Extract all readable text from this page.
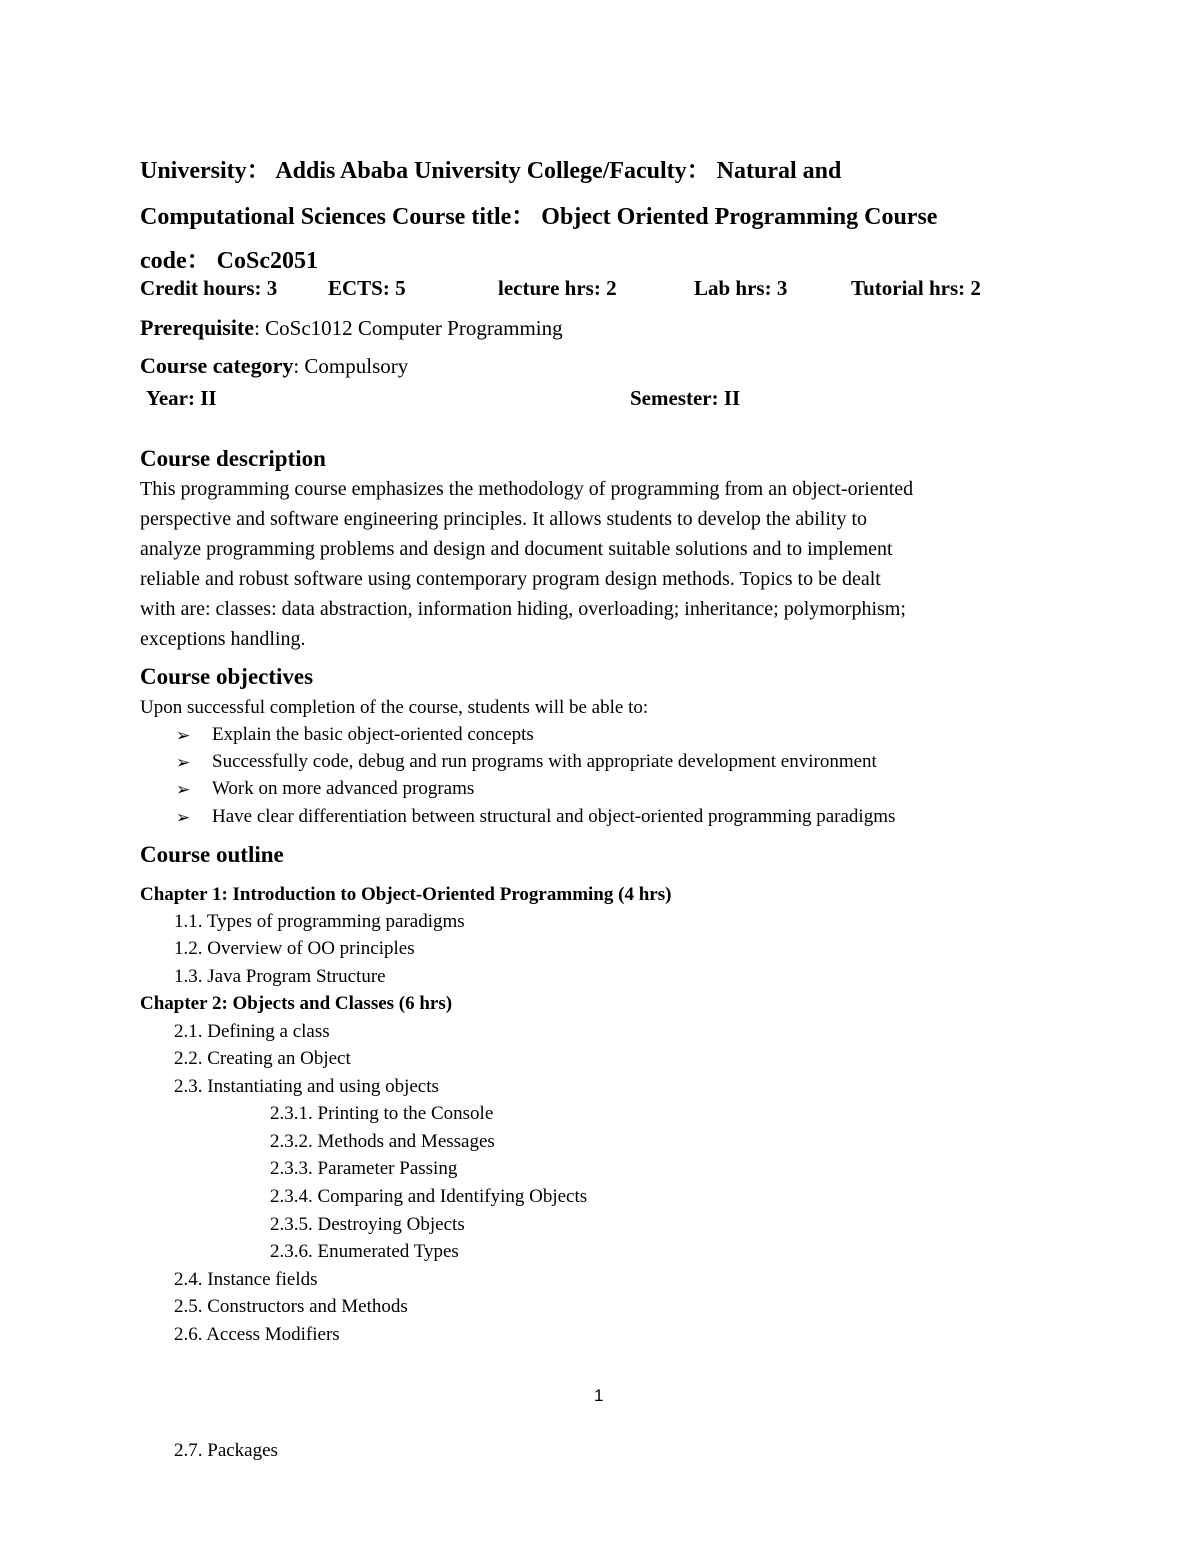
University： Addis Ababa University College/Faculty： Natural and
Computational Sciences Course title： Object Oriented Programming Course
code： CoSc2051
Credit hours: 3 ECTS: 5	lecture hrs: 2	Lab hrs: 3	Tutorial hrs: 2
Prerequisite: CoSc1012 Computer Programming
Course category: Compulsory
Year: II	Semester: II
Course description
This programming course emphasizes the methodology of programming from an object-oriented
perspective and software engineering principles. It allows students to develop the ability to
analyze programming problems and design and document suitable solutions and to implement
reliable and robust software using contemporary program design methods. Topics to be dealt
with are: classes: data abstraction, information hiding, overloading; inheritance; polymorphism;
exceptions handling.
Course objectives
Upon successful completion of the course, students will be able to:
➢ Explain the basic object-oriented concepts
➢ Successfully code, debug and run programs with appropriate development environment
➢ Work on more advanced programs
➢ Have clear differentiation between structural and object-oriented programming paradigms
Course outline
Chapter 1: Introduction to Object-Oriented Programming (4 hrs)
1.1. Types of programming paradigms
1.2. Overview of OO principles
1.3. Java Program Structure
Chapter 2: Objects and Classes (6 hrs)
2.1. Defining a class
2.2. Creating an Object
2.3. Instantiating and using objects
2.3.1. Printing to the Console
2.3.2. Methods and Messages
2.3.3. Parameter Passing
2.3.4. Comparing and Identifying Objects
2.3.5. Destroying Objects
2.3.6. Enumerated Types
2.4. Instance fields
2.5. Constructors and Methods
2.6. Access Modifiers
1
2.7. Packages
